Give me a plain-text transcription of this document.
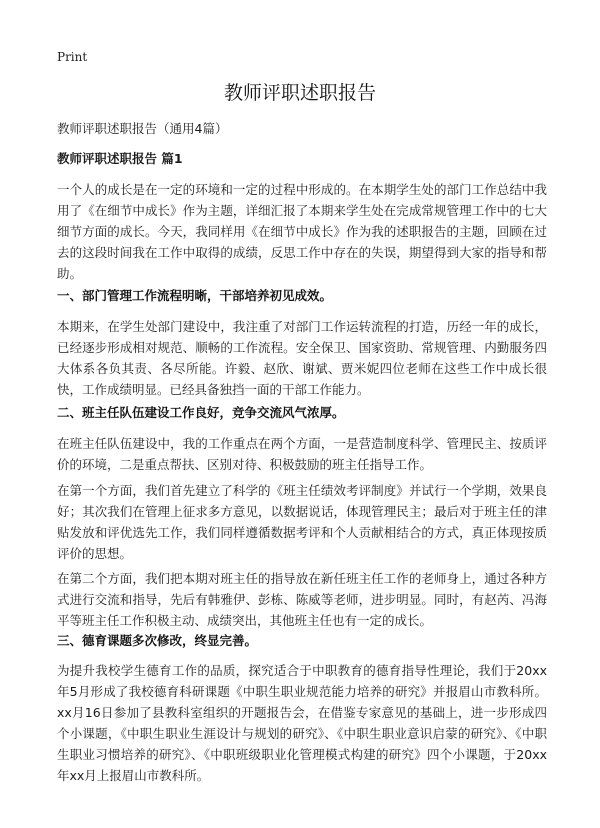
Print
教师评职述职报告
教师评职述职报告（通用4篇）
教师评职述职报告 篇1

一个人的成长是在一定的环境和一定的过程中形成的。在本期学生处的部门工作总结中我用了《在细节中成长》作为主题，详细汇报了本期来学生处在完成常规管理工作中的七大细节方面的成长。今天，我同样用《在细节中成长》作为我的述职报告的主题，回顾在过去的这段时间我在工作中取得的成绩，反思工作中存在的失误，期望得到大家的指导和帮助。

一、部门管理工作流程明晰，干部培养初见成效。

本期来，在学生处部门建设中，我注重了对部门工作运转流程的打造，历经一年的成长，已经逐步形成相对规范、顺畅的工作流程。安全保卫、国家资助、常规管理、内勤服务四大体系各负其责、各尽所能。许毅、赵欣、谢斌、贾米妮四位老师在这些工作中成长很快，工作成绩明显。已经具备独挡一面的干部工作能力。

二、班主任队伍建设工作良好，竞争交流风气浓厚。

在班主任队伍建设中，我的工作重点在两个方面，一是营造制度科学、管理民主、按质评价的环境，二是重点帮扶、区别对待、积极鼓励的班主任指导工作。

在第一个方面，我们首先建立了科学的《班主任绩效考评制度》并试行一个学期，效果良好；其次我们在管理上征求多方意见，以数据说话，体现管理民主；最后对于班主任的津贴发放和评优选先工作，我们同样遵循数据考评和个人贡献相结合的方式，真正体现按质评价的思想。

在第二个方面，我们把本期对班主任的指导放在新任班主任工作的老师身上，通过各种方式进行交流和指导，先后有韩雅伊、彭栋、陈威等老师，进步明显。同时，有赵芮、冯海平等班主任工作积极主动、成绩突出，其他班主任也有一定的成长。

三、德育课题多次修改，终显完善。

为提升我校学生德育工作的品质，探究适合于中职教育的德育指导性理论，我们于20xx年5月形成了我校德育科研课题《中职生职业规范能力培养的研究》并报眉山市教科所。xx月16日参加了县教科室组织的开题报告会，在借鉴专家意见的基础上，进一步形成四个小课题，《中职生职业生涯设计与规划的研究》、《中职生职业意识启蒙的研究》、《中职生职业习惯培养的研究》、《中职班级职业化管理模式构建的研究》四个小课题，于20xx年xx月上报眉山市教科所。
